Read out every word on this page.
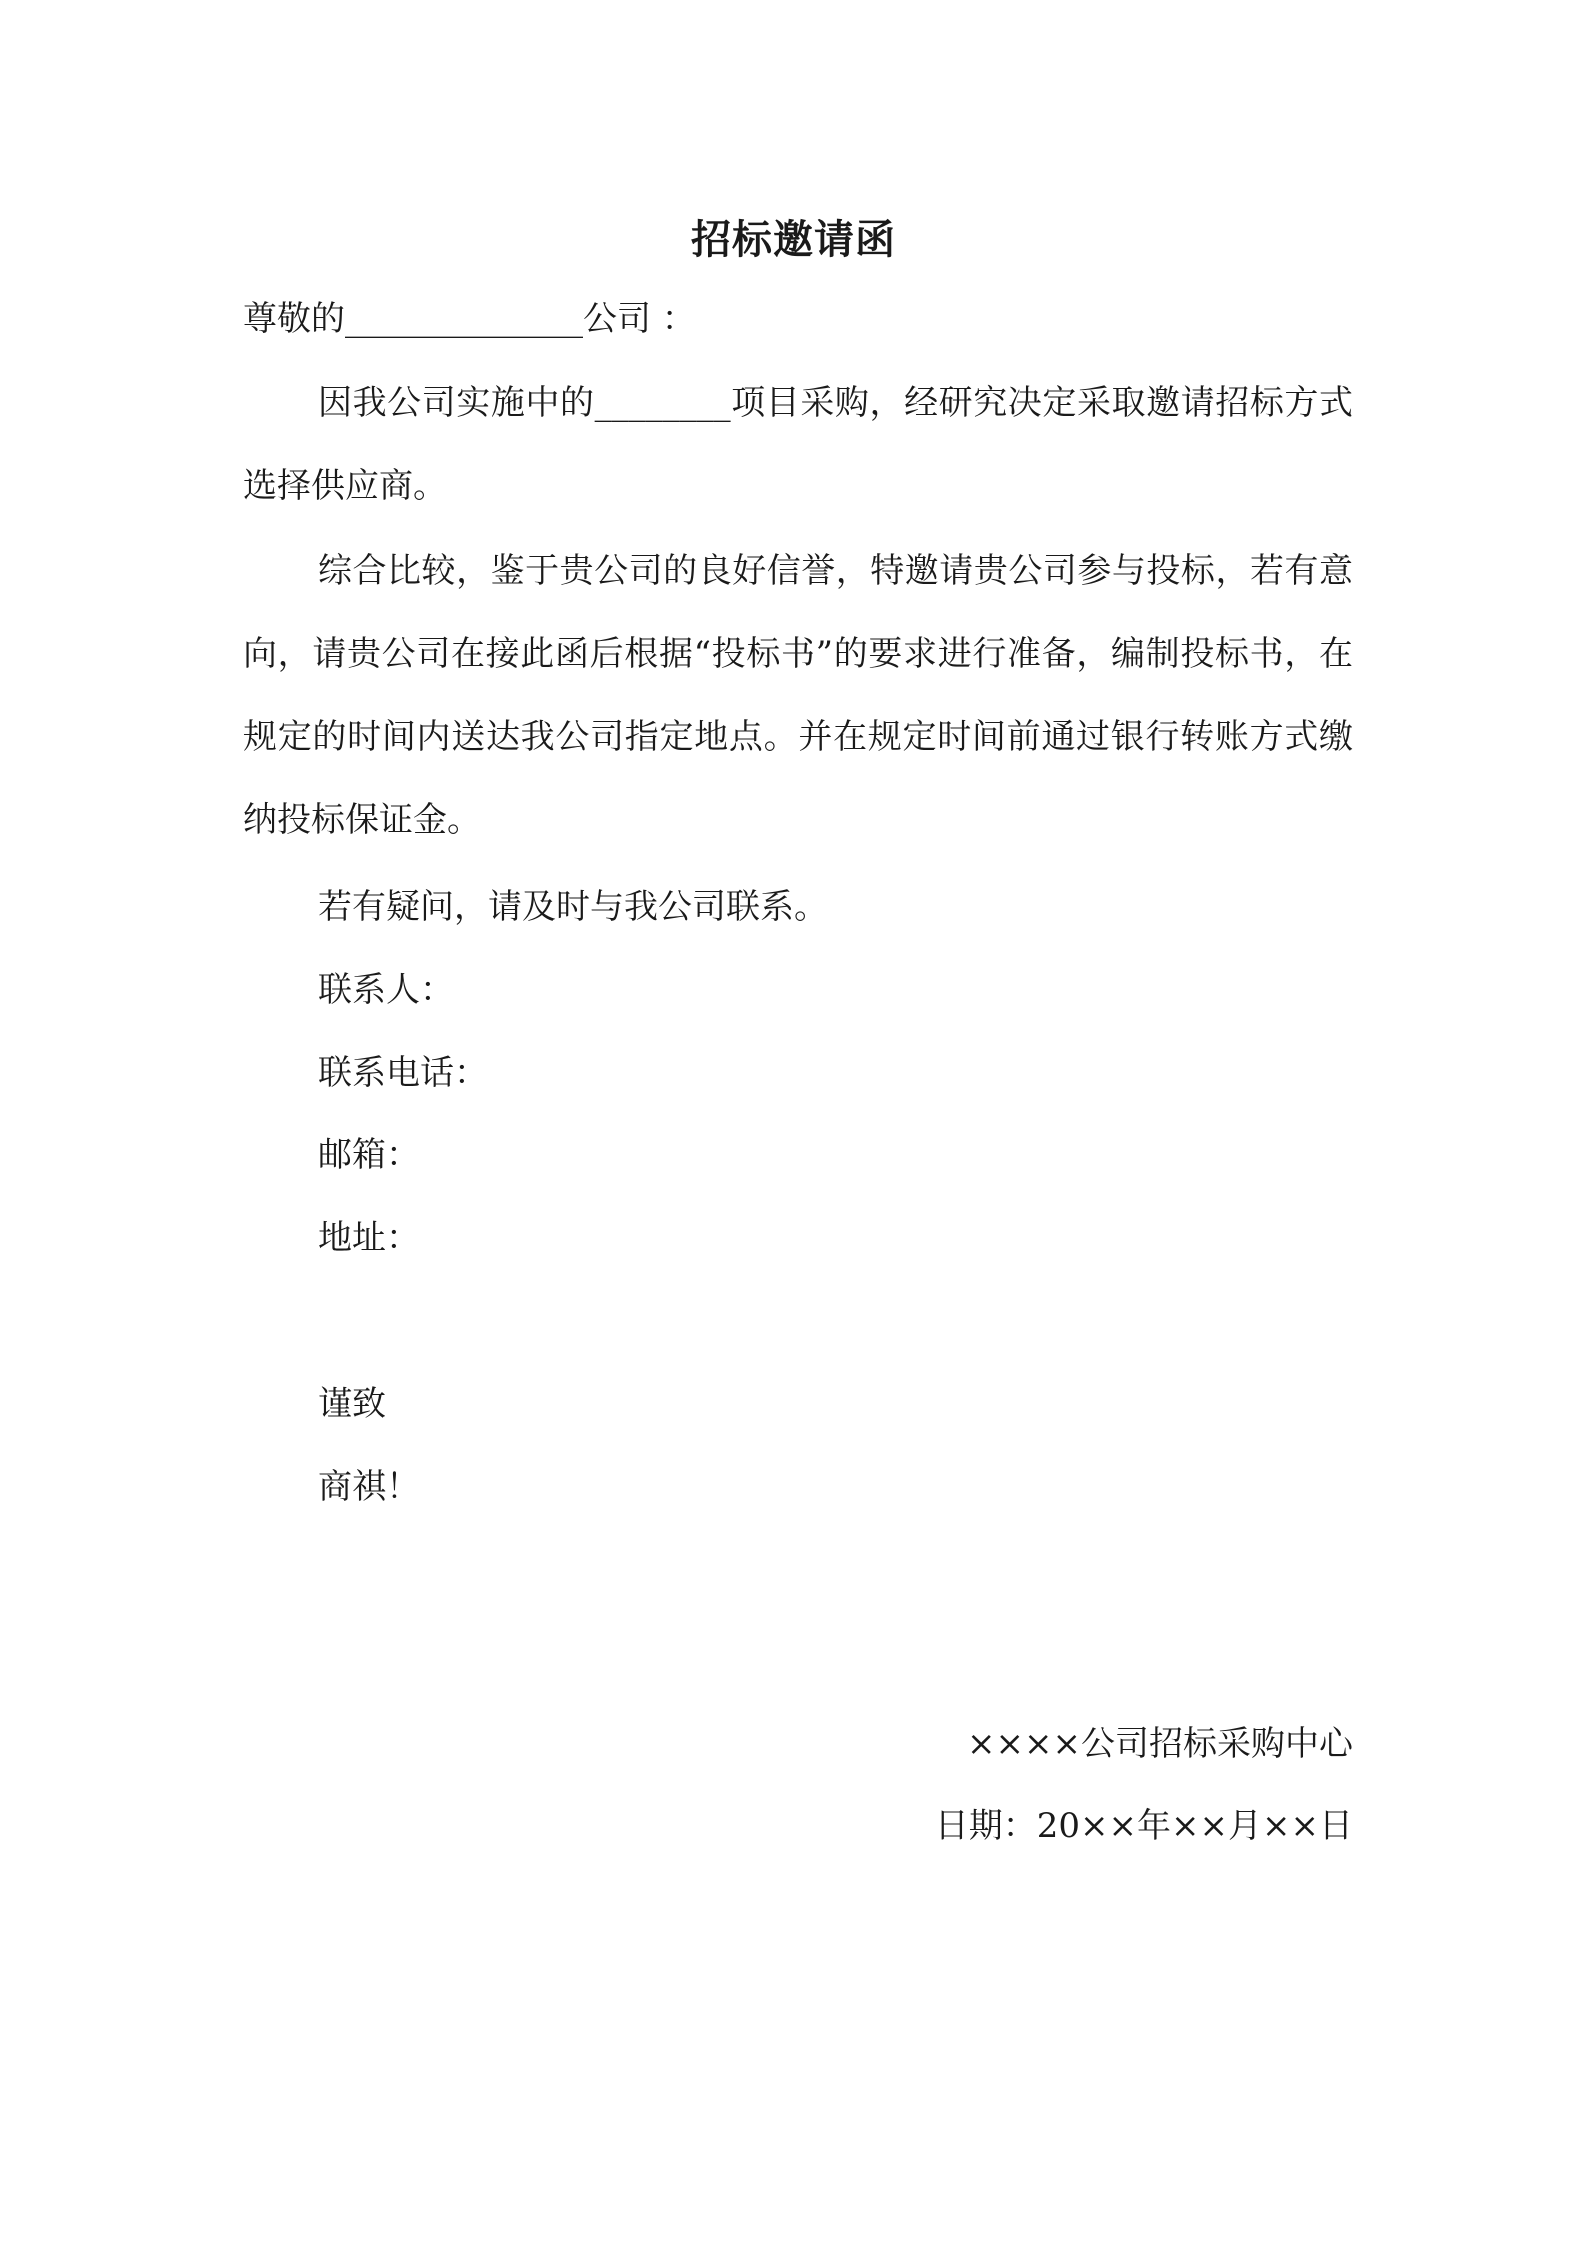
招标邀请函
尊敬的______________公司 ：
因我公司实施中的________项目采购，经研究决定采取邀请招标方式选择供应商。
综合比较，鉴于贵公司的良好信誉，特邀请贵公司参与投标，若有意向，请贵公司在接此函后根据“投标书”的要求进行准备，编制投标书，在规定的时间内送达我公司指定地点。并在规定时间前通过银行转账方式缴纳投标保证金。
若有疑问，请及时与我公司联系。
联系人：
联系电话：
邮箱：
地址：
谨致
商祺！
××××公司招标采购中心
日期：20××年××月××日
